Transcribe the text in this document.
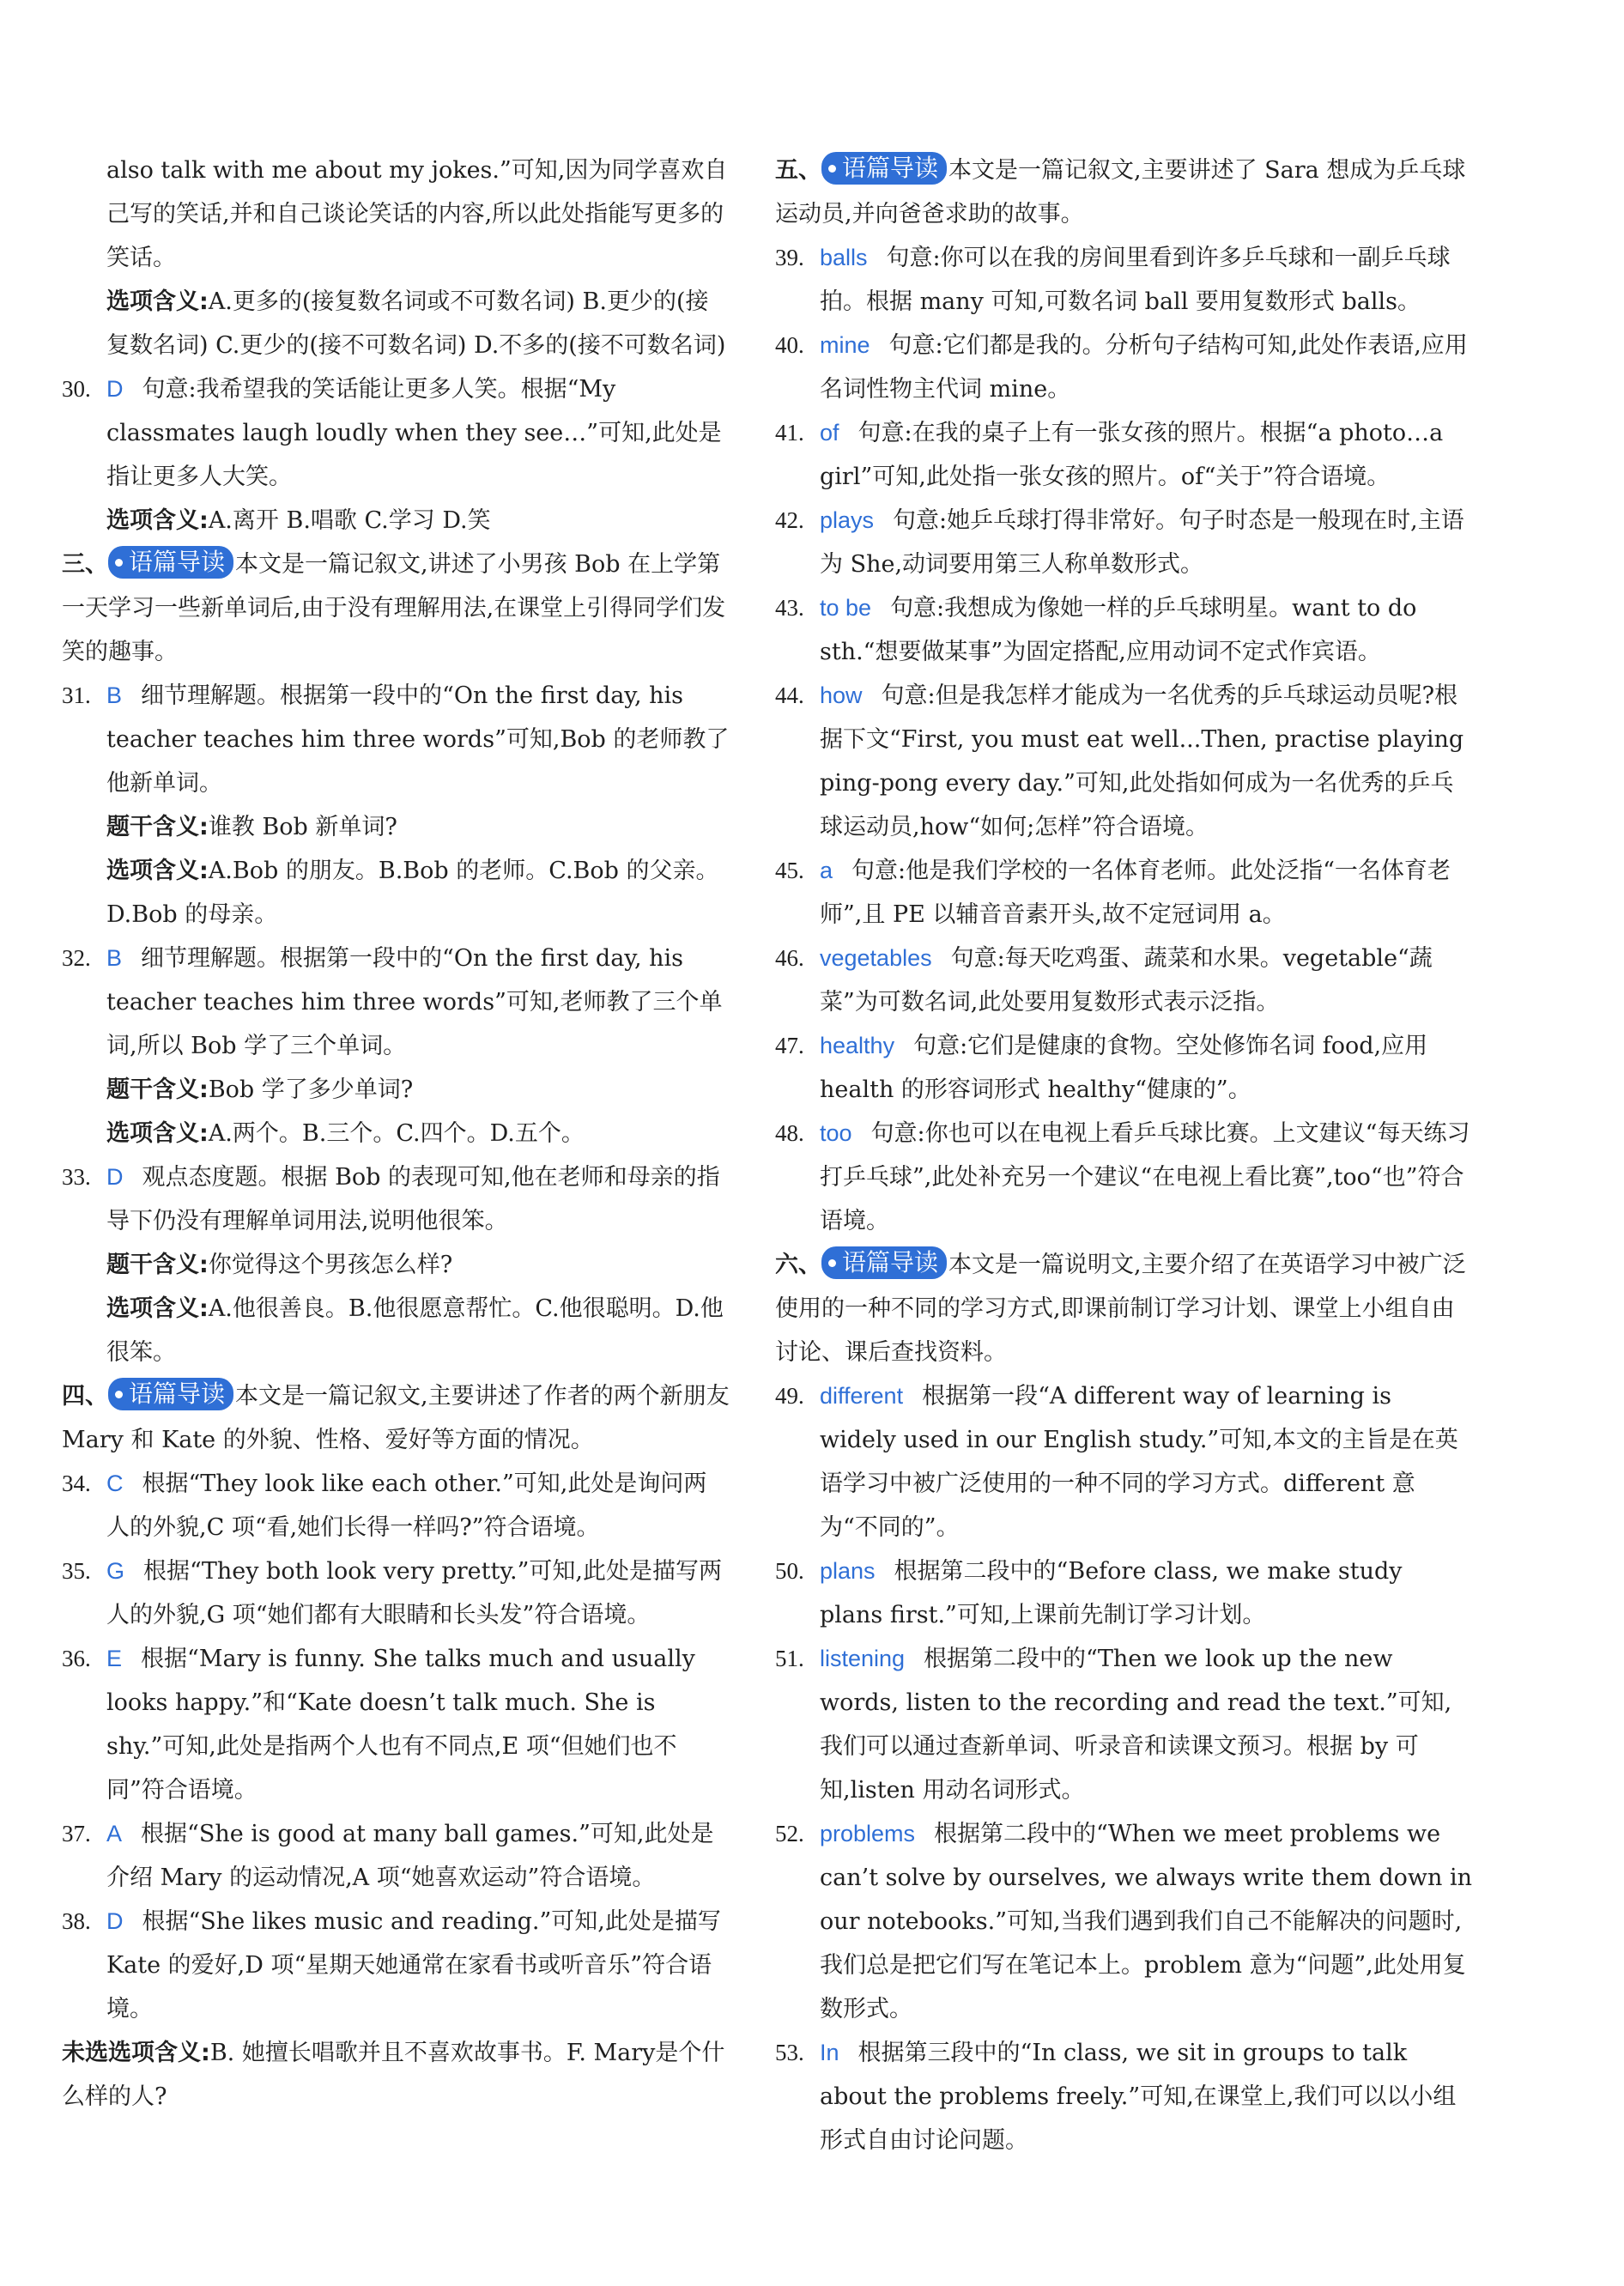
also talk with me about my jokes.”可知,因为同学喜欢自己写的笑话,并和自己谈论笑话的内容,所以此处指能写更多的笑话。
选项含义:A.更多的(接复数名词或不可数名词) B.更少的(接复数名词) C.更少的(接不可数名词) D.不多的(接不可数名词)
30. D 句意:我希望我的笑话能让更多人笑。根据“My classmates laugh loudly when they see…”可知,此处是指让更多人大笑。
选项含义:A.离开 B.唱歌 C.学习 D.笑
三、 语篇导读 本文是一篇记叙文,讲述了小男孩 Bob 在上学第一天学习一些新单词后,由于没有理解用法,在课堂上引得同学们发笑的趣事。
31. B 细节理解题。根据第一段中的“On the first day, his teacher teaches him three words”可知,Bob 的老师教了他新单词。
题干含义:谁教 Bob 新单词?
选项含义:A.Bob 的朋友。B.Bob 的老师。C.Bob 的父亲。D.Bob 的母亲。
32. B 细节理解题。根据第一段中的“On the first day, his teacher teaches him three words”可知,老师教了三个单词,所以 Bob 学了三个单词。
题干含义:Bob 学了多少单词?
选项含义:A.两个。B.三个。C.四个。D.五个。
33. D 观点态度题。根据 Bob 的表现可知,他在老师和母亲的指导下仍没有理解单词用法,说明他很笨。
题干含义:你觉得这个男孩怎么样?
选项含义:A.他很善良。B.他很愿意帮忙。C.他很聪明。D.他很笨。
四、 语篇导读 本文是一篇记叙文,主要讲述了作者的两个新朋友 Mary 和 Kate 的外貌、性格、爱好等方面的情况。
34. C 根据“They look like each other.”可知,此处是询问两人的外貌,C 项“看,她们长得一样吗?”符合语境。
35. G 根据“They both look very pretty.”可知,此处是描写两人的外貌,G 项“她们都有大眼睛和长头发”符合语境。
36. E 根据“Mary is funny. She talks much and usually looks happy.”和“Kate doesn’t talk much. She is shy.”可知,此处是指两个人也有不同点,E 项“但她们也不同”符合语境。
37. A 根据“She is good at many ball games.”可知,此处是介绍 Mary 的运动情况,A 项“她喜欢运动”符合语境。
38. D 根据“She likes music and reading.”可知,此处是描写 Kate 的爱好,D 项“星期天她通常在家看书或听音乐”符合语境。
未选选项含义:B. 她擅长唱歌并且不喜欢故事书。F. Mary是个什么样的人?
五、 语篇导读 本文是一篇记叙文,主要讲述了 Sara 想成为乒乓球运动员,并向爸爸求助的故事。
39. balls 句意:你可以在我的房间里看到许多乒乓球和一副乒乓球拍。根据 many 可知,可数名词 ball 要用复数形式 balls。
40. mine 句意:它们都是我的。分析句子结构可知,此处作表语,应用名词性物主代词 mine。
41. of 句意:在我的桌子上有一张女孩的照片。根据“a photo…a girl”可知,此处指一张女孩的照片。of“关于”符合语境。
42. plays 句意:她乒乓球打得非常好。句子时态是一般现在时,主语为 She,动词要用第三人称单数形式。
43. to be 句意:我想成为像她一样的乒乓球明星。want to do sth.“想要做某事”为固定搭配,应用动词不定式作宾语。
44. how 句意:但是我怎样才能成为一名优秀的乒乓球运动员呢?根据下文“First, you must eat well...Then, practise playing ping-pong every day.”可知,此处指如何成为一名优秀的乒乓球运动员,how“如何;怎样”符合语境。
45. a 句意:他是我们学校的一名体育老师。此处泛指“一名体育老师”,且 PE 以辅音音素开头,故不定冠词用 a。
46. vegetables 句意:每天吃鸡蛋、蔬菜和水果。vegetable“蔬菜”为可数名词,此处要用复数形式表示泛指。
47. healthy 句意:它们是健康的食物。空处修饰名词 food,应用 health 的形容词形式 healthy“健康的”。
48. too 句意:你也可以在电视上看乒乓球比赛。上文建议“每天练习打乒乓球”,此处补充另一个建议“在电视上看比赛”,too“也”符合语境。
六、 语篇导读 本文是一篇说明文,主要介绍了在英语学习中被广泛使用的一种不同的学习方式,即课前制订学习计划、课堂上小组自由讨论、课后查找资料。
49. different 根据第一段“A different way of learning is widely used in our English study.”可知,本文的主旨是在英语学习中被广泛使用的一种不同的学习方式。different 意为“不同的”。
50. plans 根据第二段中的“Before class, we make study plans first.”可知,上课前先制订学习计划。
51. listening 根据第二段中的“Then we look up the new words, listen to the recording and read the text.”可知,我们可以通过查新单词、听录音和读课文预习。根据 by 可知,listen 用动名词形式。
52. problems 根据第二段中的“When we meet problems we can’t solve by ourselves, we always write them down in our notebooks.”可知,当我们遇到我们自己不能解决的问题时,我们总是把它们写在笔记本上。problem 意为“问题”,此处用复数形式。
53. In 根据第三段中的“In class, we sit in groups to talk about the problems freely.”可知,在课堂上,我们可以以小组形式自由讨论问题。
